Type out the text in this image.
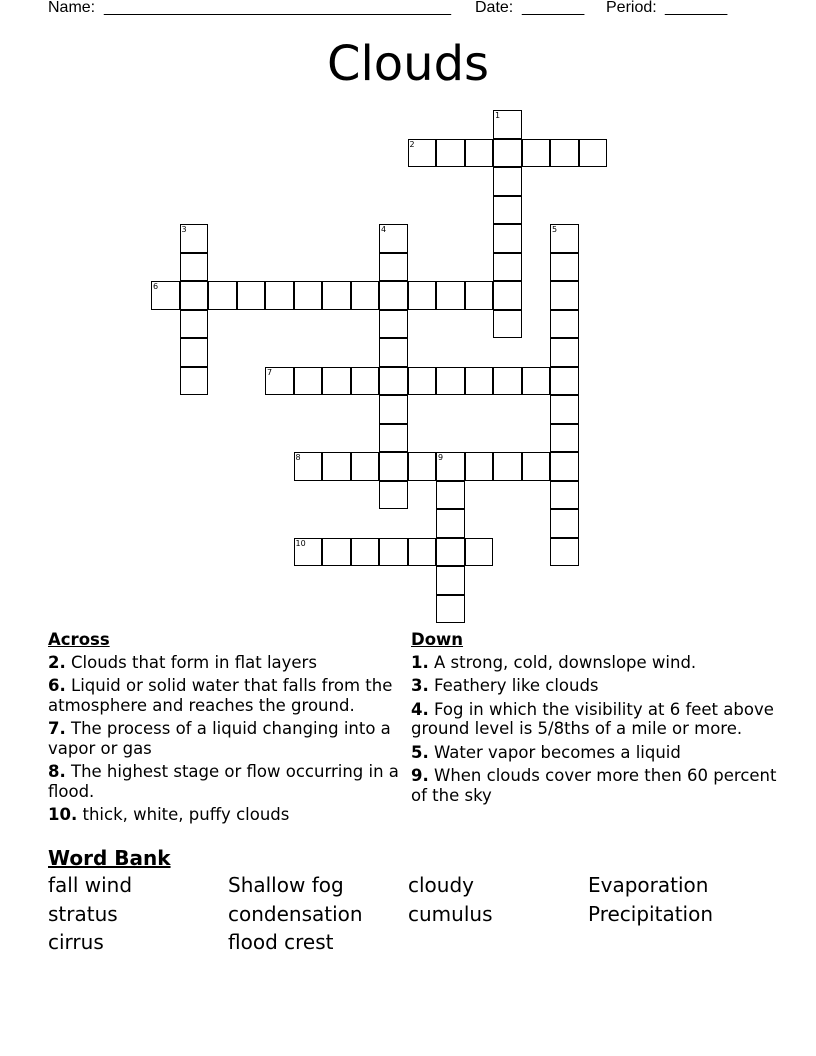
Name:

_______________________________________

Date:

_______

Period:

_______

Clouds
1
2
3	4	5
6
7
8	9
10
Across
2. Clouds that form in flat layers
6. Liquid or solid water that falls from the atmosphere and reaches the ground.
7. The process of a liquid changing into a vapor or gas
8. The highest stage or flow occurring in a flood.
10. thick, white, puffy clouds
Down
1. A strong, cold, downslope wind.
3. Feathery like clouds
4. Fog in which the visibility at 6 feet above ground level is 5/8ths of a mile or more.
5. Water vapor becomes a liquid
9. When clouds cover more then 60 percent of the sky
Word Bank
fall wind	Shallow fog	cloudy	Evaporation
stratus	condensation	cumulus	Precipitation
cirrus	flood crest
